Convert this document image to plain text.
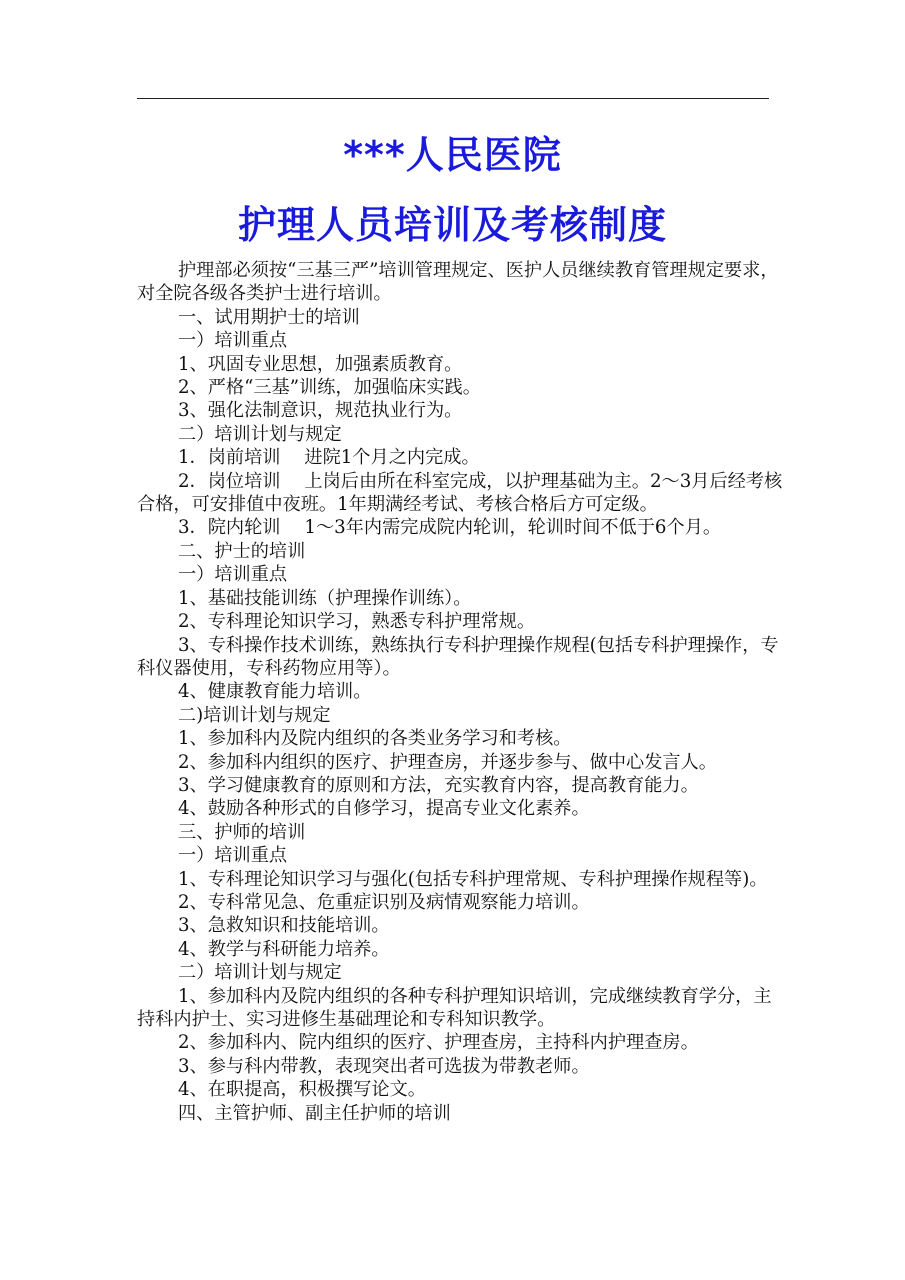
***人民医院
护理人员培训及考核制度

护理部必须按“三基三严”培训管理规定、医护人员继续教育管理规定要求，对全院各级各类护士进行培训。

一、试用期护士的培训

一）培训重点

1、巩固专业思想，加强素质教育。

2、严格“三基”训练，加强临床实践。

3、强化法制意识，规范执业行为。

二）培训计划与规定

1．岗前培训　 进院1个月之内完成。

2．岗位培训　 上岗后由所在科室完成，以护理基础为主。2～3月后经考核合格，可安排值中夜班。1年期满经考试、考核合格后方可定级。

3．院内轮训　 1～3年内需完成院内轮训，轮训时间不低于6个月。

二、护士的培训

一）培训重点

1、基础技能训练（护理操作训练）。

2、专科理论知识学习，熟悉专科护理常规。

3、专科操作技术训练，熟练执行专科护理操作规程(包括专科护理操作，专科仪器使用，专科药物应用等）。

4、健康教育能力培训。

二)培训计划与规定

1、参加科内及院内组织的各类业务学习和考核。

2、参加科内组织的医疗、护理查房，并逐步参与、做中心发言人。

3、学习健康教育的原则和方法，充实教育内容，提高教育能力。

4、鼓励各种形式的自修学习，提高专业文化素养。

三、护师的培训

一）培训重点

1、专科理论知识学习与强化(包括专科护理常规、专科护理操作规程等)。

2、专科常见急、危重症识别及病情观察能力培训。

3、急救知识和技能培训。

4、教学与科研能力培养。

二）培训计划与规定

1、参加科内及院内组织的各种专科护理知识培训，完成继续教育学分，主持科内护士、实习进修生基础理论和专科知识教学。

2、参加科内、院内组织的医疗、护理查房，主持科内护理查房。

3、参与科内带教，表现突出者可选拔为带教老师。

4、在职提高，积极撰写论文。

四、主管护师、副主任护师的培训
